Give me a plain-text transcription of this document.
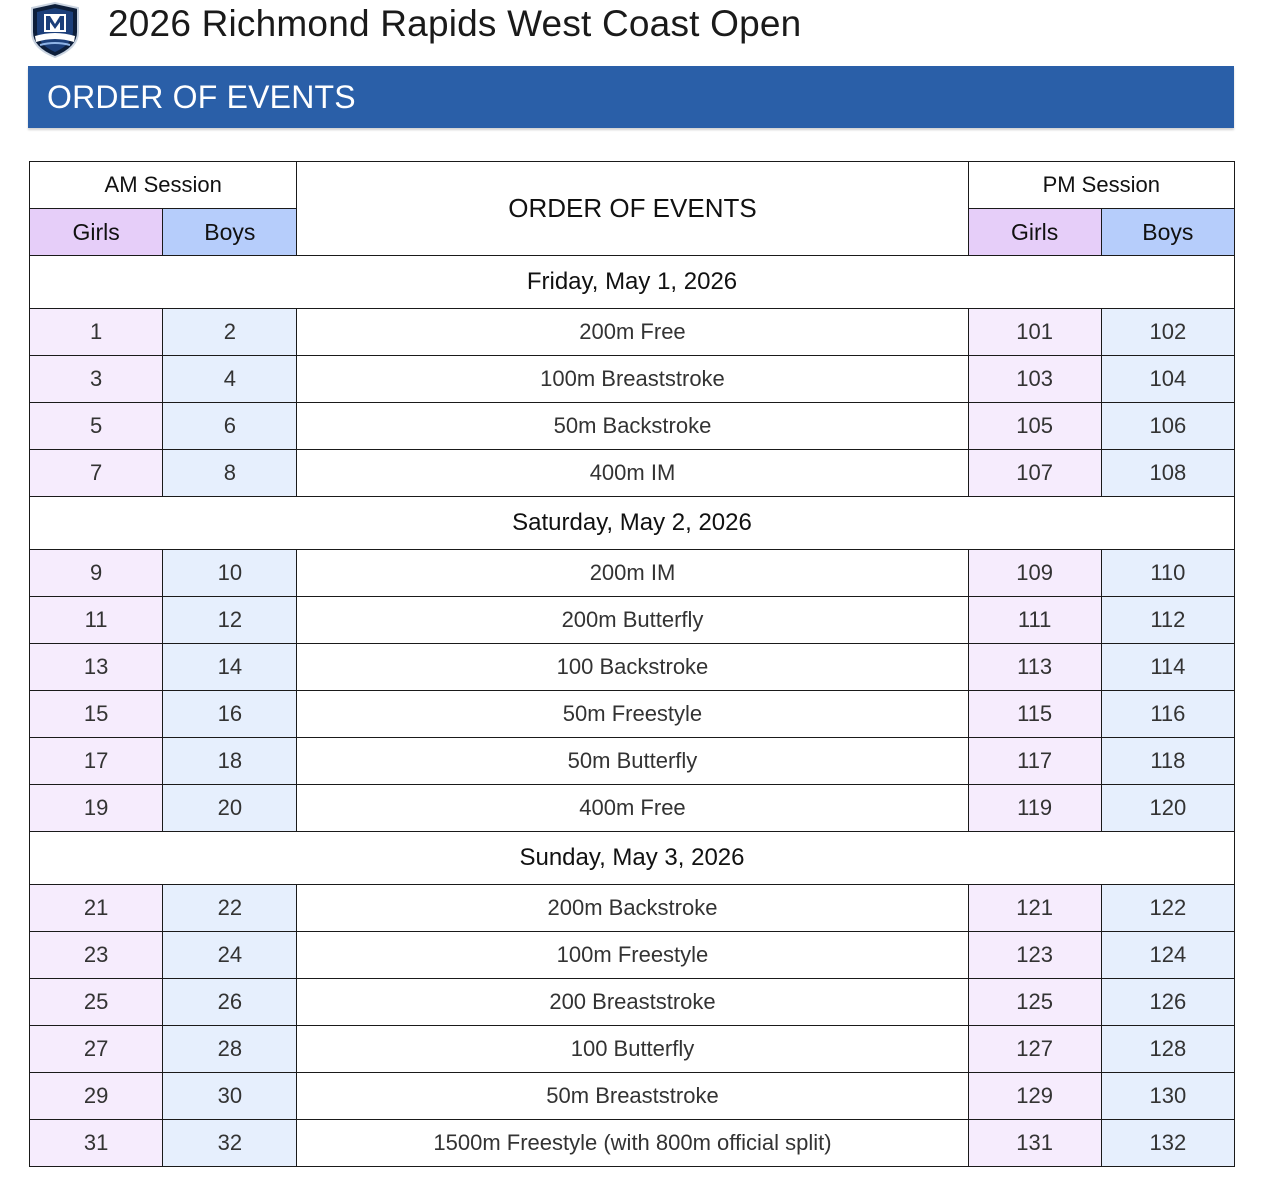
2026 Richmond Rapids West Coast Open
ORDER OF EVENTS
AM Session		ORDER OF EVENTS	PM Session	
Girls	Boys		Girls	Boys
Friday, May 1, 2026				
1	2	200m Free	101	102
3	4	100m Breaststroke	103	104
5	6	50m Backstroke	105	106
7	8	400m IM	107	108
Saturday, May 2, 2026				
9	10	200m IM	109	110
11	12	200m Butterfly	111	112
13	14	100 Backstroke	113	114
15	16	50m Freestyle	115	116
17	18	50m Butterfly	117	118
19	20	400m Free	119	120
Sunday, May 3, 2026				
21	22	200m Backstroke	121	122
23	24	100m Freestyle	123	124
25	26	200 Breaststroke	125	126
27	28	100 Butterfly	127	128
29	30	50m Breaststroke	129	130
31	32	1500m Freestyle (with 800m official split)	131	132
